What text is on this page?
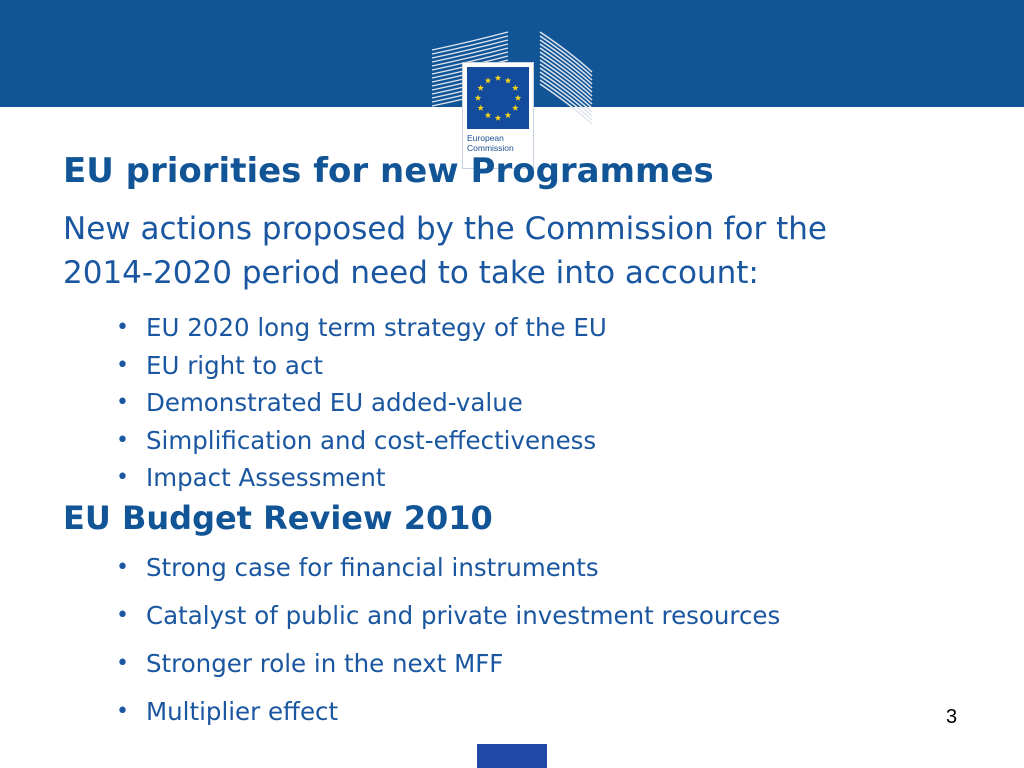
European
Commission
EU priorities for new Programmes

New actions proposed by the Commission for the
2014-2020 period need to take into account:

• EU 2020 long term strategy of the EU
• EU right to act
• Demonstrated EU added-value
• Simplification and cost-effectiveness
• Impact Assessment
EU Budget Review 2010
• Strong case for financial instruments
• Catalyst of public and private investment resources
• Stronger role in the next MFF
• Multiplier effect	3
